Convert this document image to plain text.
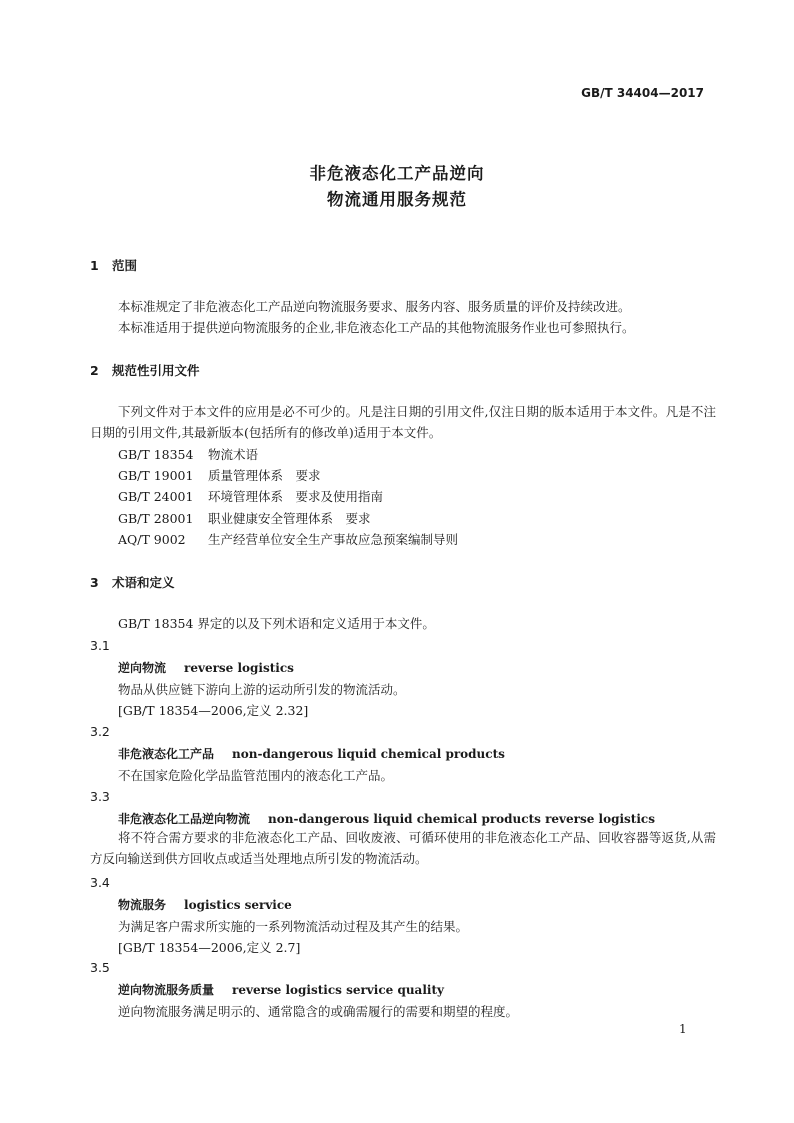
GB/T 34404—2017
非危液态化工产品逆向
物流通用服务规范
1 范围
本标准规定了非危液态化工产品逆向物流服务要求、服务内容、服务质量的评价及持续改进。
本标准适用于提供逆向物流服务的企业,非危液态化工产品的其他物流服务作业也可参照执行。
2 规范性引用文件
下列文件对于本文件的应用是必不可少的。凡是注日期的引用文件,仅注日期的版本适用于本文件。凡是不注日期的引用文件,其最新版本(包括所有的修改单)适用于本文件。
GB/T 18354 物流术语
GB/T 19001 质量管理体系　要求
GB/T 24001 环境管理体系　要求及使用指南
GB/T 28001 职业健康安全管理体系　要求
AQ/T 9002 生产经营单位安全生产事故应急预案编制导则
3 术语和定义
GB/T 18354 界定的以及下列术语和定义适用于本文件。
3.1
逆向物流 reverse logistics
物品从供应链下游向上游的运动所引发的物流活动。
[GB/T 18354—2006,定义 2.32]
3.2
非危液态化工产品 non-dangerous liquid chemical products
不在国家危险化学品监管范围内的液态化工产品。
3.3
非危液态化工品逆向物流 non-dangerous liquid chemical products reverse logistics
将不符合需方要求的非危液态化工产品、回收废液、可循环使用的非危液态化工产品、回收容器等返货,从需方反向输送到供方回收点或适当处理地点所引发的物流活动。
3.4
物流服务 logistics service
为满足客户需求所实施的一系列物流活动过程及其产生的结果。
[GB/T 18354—2006,定义 2.7]
3.5
逆向物流服务质量 reverse logistics service quality
逆向物流服务满足明示的、通常隐含的或确需履行的需要和期望的程度。
1
